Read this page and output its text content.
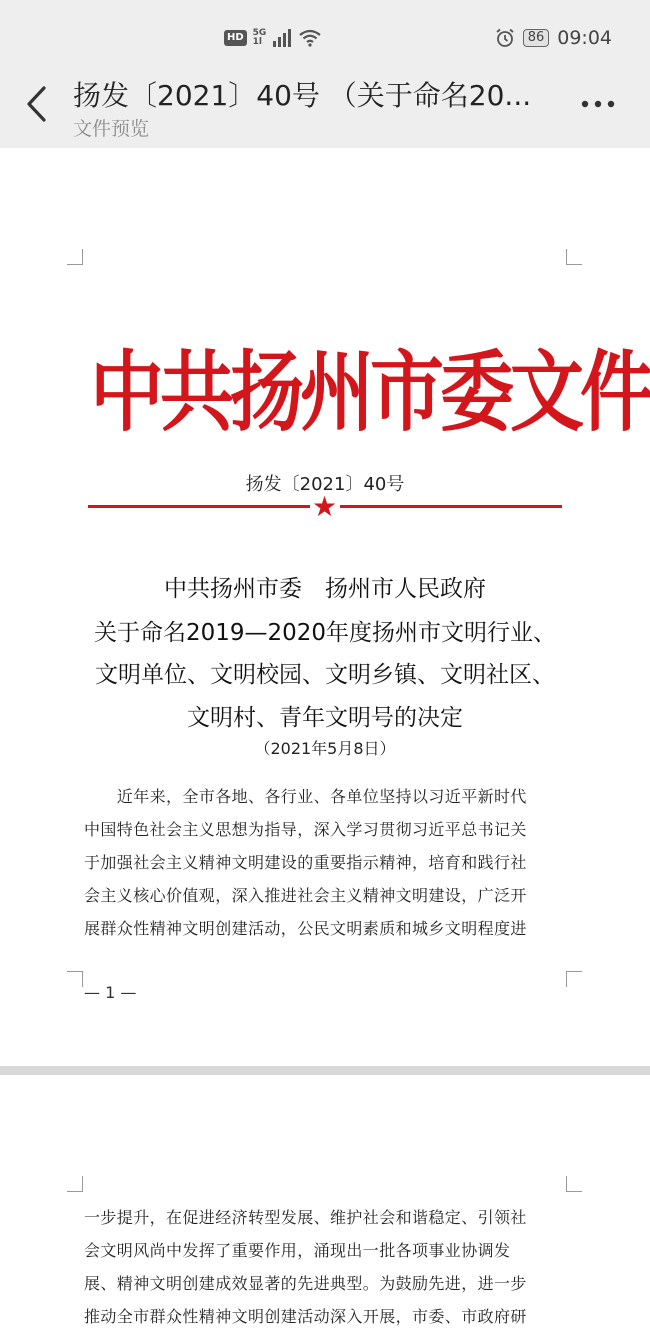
HD	5G
1l	86 09:04
扬发〔2021〕40号 （关于命名20...
文件预览
中共扬州市委文件
扬发〔2021〕40号
★
中共扬州市委　扬州市人民政府
关于命名2019—2020年度扬州市文明行业、
文明单位、文明校园、文明乡镇、文明社区、
文明村、青年文明号的决定
（2021年5月8日）
　　近年来，全市各地、各行业、各单位坚持以习近平新时代
中国特色社会主义思想为指导，深入学习贯彻习近平总书记关
于加强社会主义精神文明建设的重要指示精神，培育和践行社
会主义核心价值观，深入推进社会主义精神文明建设，广泛开
展群众性精神文明创建活动，公民文明素质和城乡文明程度进
— 1 —
一步提升，在促进经济转型发展、维护社会和谐稳定、引领社
会文明风尚中发挥了重要作用，涌现出一批各项事业协调发
展、精神文明创建成效显著的先进典型。为鼓励先进，进一步
推动全市群众性精神文明创建活动深入开展，市委、市政府研
